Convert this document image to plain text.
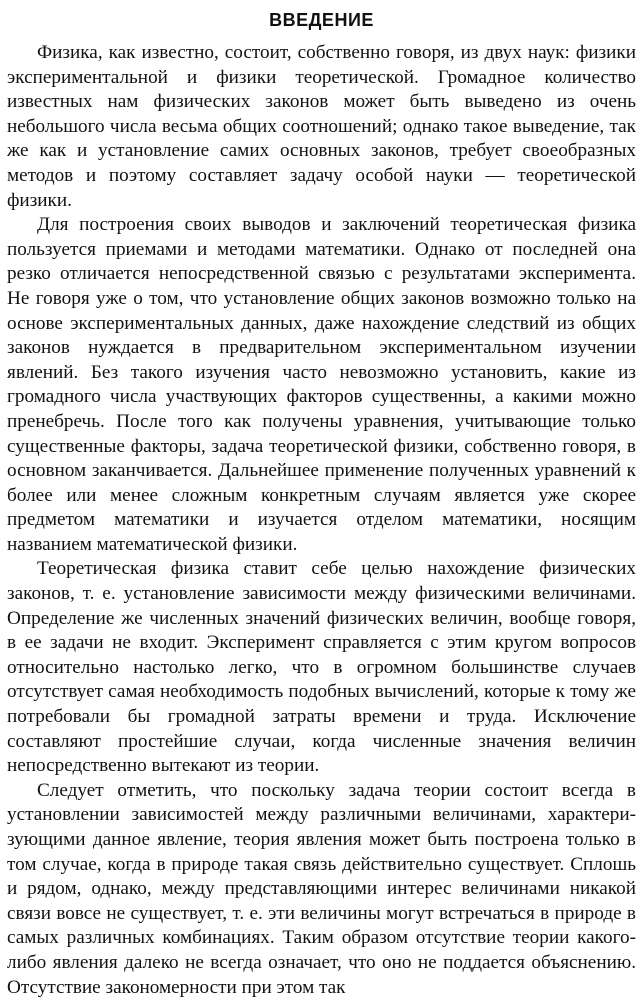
ВВЕДЕНИЕ

Физика, как известно, состоит, собственно говоря, из двух наук: физики экспериментальной и физики теоретической. Громадное количество известных нам физических законов может быть выведено из очень небольшого числа весьма общих соотношений; однако такое выведение, так же как и установление самих основных законов, требует своеобразных методов и поэтому составляет задачу особой науки — теоретической физики.

Для построения своих выводов и заключений теоретическая физика пользуется приемами и методами математики. Однако от последней она резко отличается непосредственной связью с результатами эксперимента. Не говоря уже о том, что установление общих законов возможно только на основе экспериментальных данных, даже нахождение следствий из общих законов нуждается в предварительном экспериментальном изучении явлений. Без такого изучения часто невозможно установить, какие из громадного числа участвующих факторов существенны, а какими можно пренебречь. После того как получены уравнения, учитывающие только существенные факторы, задача теоретической физики, собственно говоря, в основном заканчивается. Дальнейшее применение полученных уравнений к более или менее сложным конкретным случаям является уже скорее предметом математики и изучается отделом математики, носящим названием математической физики.

Теоретическая физика ставит себе целью нахождение физических законов, т. е. установление зависимости между физическими величинами. Определение же численных значений физических величин, вообще говоря, в ее задачи не входит. Эксперимент справляется с этим кругом вопросов относительно настолько легко, что в огромном большинстве случаев отсутствует самая необходимость подобных вычислений, которые к тому же потребовали бы громадной затраты времени и труда. Исключение составляют простейшие случаи, когда численные значения величин непосредственно вытекают из теории.

Следует отметить, что поскольку задача теории состоит всегда в установлении зависимостей между различными величинами, характеризующими данное явление, теория явления может быть построена только в том случае, когда в природе такая связь действительно существует. Сплошь и рядом, однако, между представляющими интерес величинами никакой связи вовсе не существует, т. е. эти величины могут встречаться в природе в самых различных комбинациях. Таким образом отсутствие теории какого-либо явления далеко не всегда означает, что оно не поддается объяснению. Отсутствие закономерности при этом так
